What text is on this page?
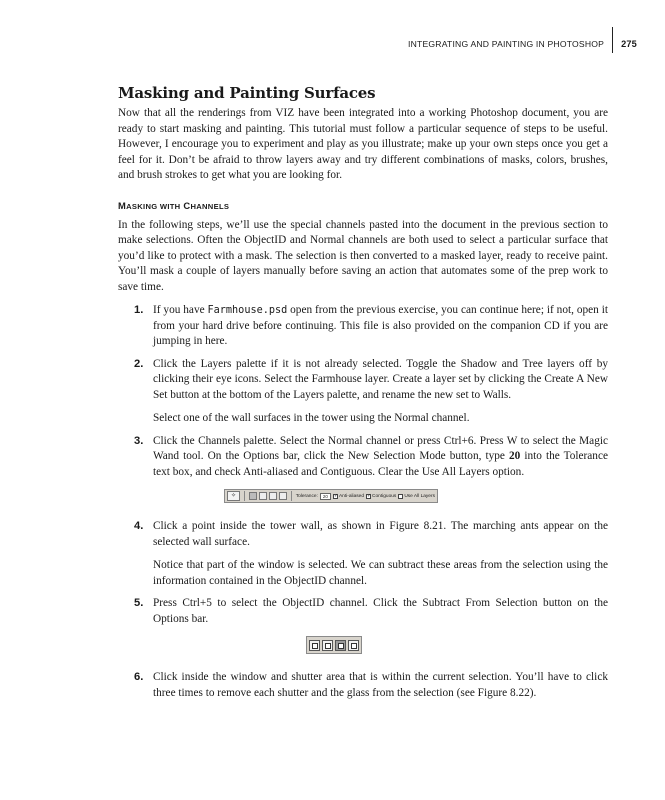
INTEGRATING AND PAINTING IN PHOTOSHOP	275
Masking and Painting Surfaces

Now that all the renderings from VIZ have been integrated into a working Photoshop document, you are ready to start masking and painting. This tutorial must follow a particular sequence of steps to be useful. However, I encourage you to experiment and play as you illustrate; make up your own steps once you get a feel for it. Don’t be afraid to throw layers away and try different combinations of masks, colors, brushes, and brush strokes to get what you are looking for.

MASKING WITH CHANNELS

In the following steps, we’ll use the special channels pasted into the document in the previous section to make selections. Often the ObjectID and Normal channels are both used to select a particular surface that you’d like to protect with a mask. The selection is then converted to a masked layer, ready to receive paint. You’ll mask a couple of layers manually before saving an action that automates some of the prep work to save time.

1. If you have Farmhouse.psd open from the previous exercise, you can continue here; if not, open it from your hard drive before continuing. This file is also provided on the companion CD if you are jumping in here.

2. Click the Layers palette if it is not already selected. Toggle the Shadow and Tree layers off by clicking their eye icons. Select the Farmhouse layer. Create a layer set by clicking the Create A New Set button at the bottom of the Layers palette, and rename the new set to Walls.

Select one of the wall surfaces in the tower using the Normal channel.

3. Click the Channels palette. Select the Normal channel or press Ctrl+6. Press W to select the Magic Wand tool. On the Options bar, click the New Selection Mode button, type 20 into the Tolerance text box, and check Anti-aliased and Contiguous. Clear the Use All Layers option.

✧	Tolerance:	20	✓ Anti-aliased ✓ Contiguous Use All Layers
4. Click a point inside the tower wall, as shown in Figure 8.21. The marching ants appear on the selected wall surface.

Notice that part of the window is selected. We can subtract these areas from the selection using the information contained in the ObjectID channel.

5. Press Ctrl+5 to select the ObjectID channel. Click the Subtract From Selection button on the Options bar.

6. Click inside the window and shutter area that is within the current selection. You’ll have to click three times to remove each shutter and the glass from the selection (see Figure 8.22).
